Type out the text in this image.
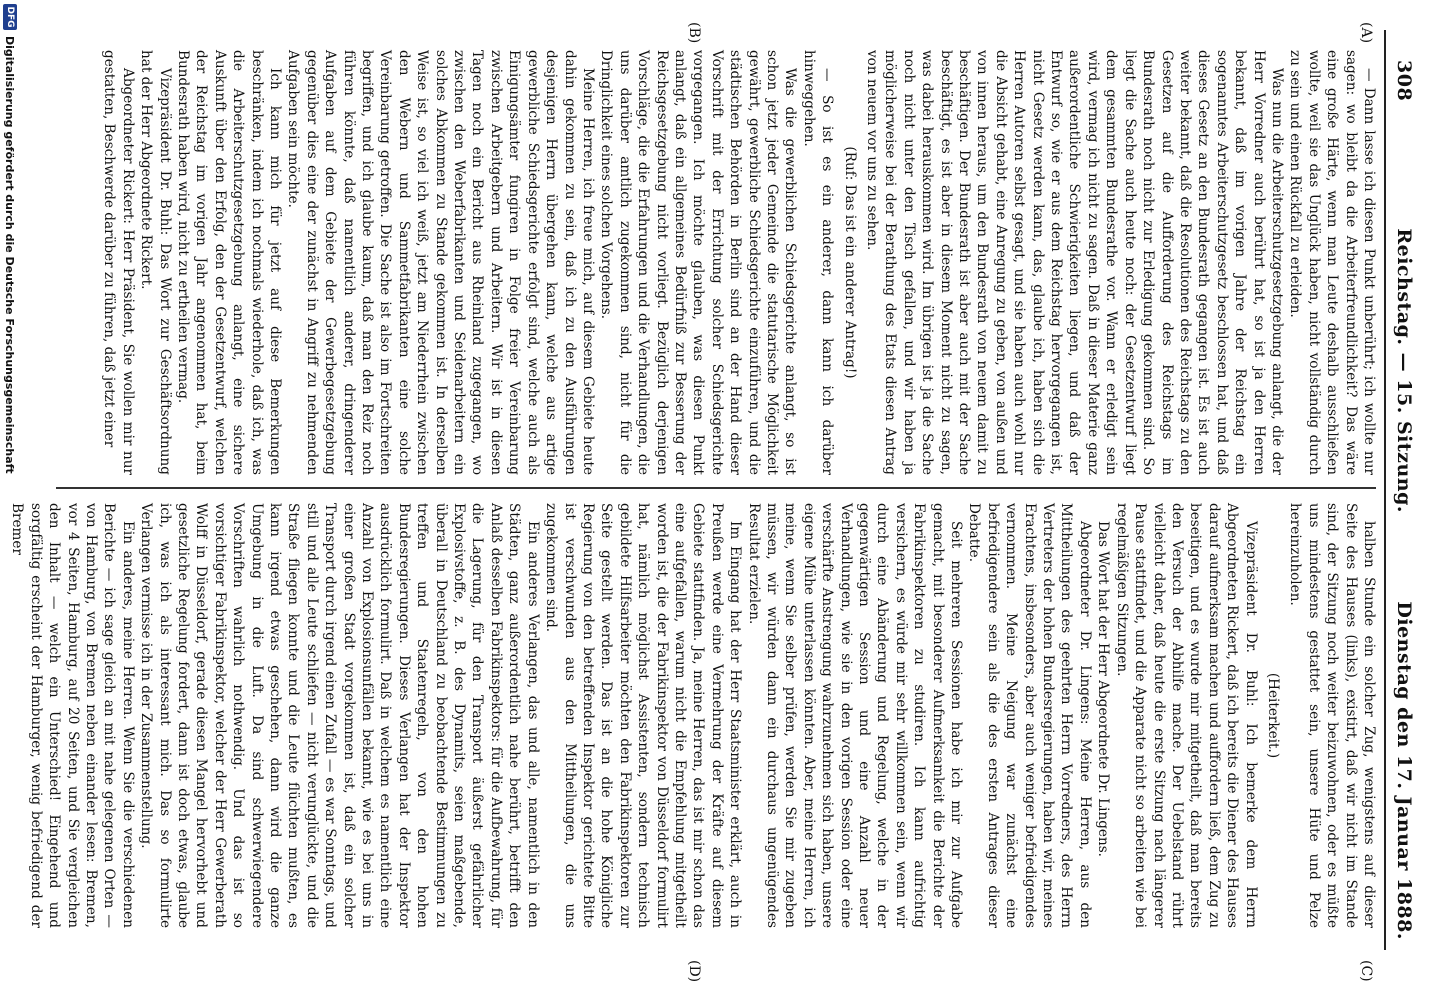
308
Reichstag. — 15. Sitzung.
Dienstag den 17. Januar 1888.
(A)
(B)
(C)
(D)

— Dann lasse ich diesen Punkt unberührt; ich wollte nur sagen: wo bleibt da die Arbeiterfreundlichkeit? Das wäre eine große Härte, wenn man Leute deshalb ausschließen wollte, weil sie das Unglück haben, nicht vollständig durch zu sein und einen Rückfall zu erleiden.

Was nun die Arbeiterschutzgesetzgebung anlangt, die der Herr Vorredner auch berührt hat, so ist ja den Herren bekannt, daß im vorigen Jahre der Reichstag ein sogenanntes Arbeiterschutzgesetz beschlossen hat, und daß dieses Gesetz an den Bundesrath gegangen ist. Es ist auch weiter bekannt, daß die Resolutionen des Reichstags zu den Gesetzen auf die Aufforderung des Reichstags im Bundesrath noch nicht zur Erledigung gekommen sind. So liegt die Sache auch heute noch: der Gesetzentwurf liegt dem gesammten Bundesrathe vor. Wann er erledigt sein wird, vermag ich nicht zu sagen. Daß in dieser Materie ganz außerordentliche Schwierigkeiten liegen, und daß der Entwurf so, wie er aus dem Reichstag hervorgegangen ist, nicht Gesetz werden kann, das, glaube ich, haben sich die Herren Autoren selbst gesagt, und sie haben auch wohl nur die Absicht gehabt, eine Anregung zu geben, von außen und von innen heraus, um den Bundesrath von neuem damit zu beschäftigen. Der Bundesrath ist aber auch mit der Sache beschäftigt, es ist aber in diesem Moment nicht zu sagen, was dabei herauskommen wird. Im übrigen ist ja die Sache noch nicht unter den Tisch gefallen, und wir haben ja möglicherweise bei der Berathung des Etats diesen Antrag von neuem vor uns zu sehen.

(Ruf: Das ist ein anderer Antrag!)

— So ist es ein anderer, dann kann ich darüber hinweggehen.

Was die gewerblichen Schiedsgerichte anlangt, so ist schon jetzt jeder Gemeinde die statutarische Möglichkeit gewährt, gewerbliche Schiedsgerichte einzuführen, und die städtischen Behörden in Berlin sind an der Hand dieser Vorschrift mit der Errichtung solcher Schiedsgerichte vorgegangen. Ich möchte glauben, was diesen Punkt anlangt, daß ein allgemeines Bedürfniß zur Besserung der Reichsgesetzgebung nicht vorliegt. Bezüglich derjenigen Vorschläge, die die Erfahrungen und die Verhandlungen, die uns darüber amtlich zugekommen sind, nicht für die Dringlichkeit eines solchen Vorgehens.

Meine Herren, ich freue mich, auf diesem Gebiete heute dahin gekommen zu sein, daß ich zu den Ausführungen desjenigen Herrn übergehen kann, welche aus artige gewerbliche Schiedsgerichte erfolgt sind, welche auch als Einigungsämter fungiren in Folge freier Vereinbarung zwischen Arbeitgebern und Arbeitern. Wir ist in diesen Tagen noch ein Bericht aus Rheinland zugegangen, wo zwischen den Weberfabrikanten und Seidenarbeitern ein solches Abkommen zu Stande gekommen ist. In derselben Weise ist, so viel ich weiß, jetzt am Niederrhein zwischen den Webern und Sammetfabrikanten eine solche Vereinbarung getroffen. Die Sache ist also im Fortschreiten begriffen, und ich glaube kaum, daß man den Reiz noch führen könnte, daß namentlich anderer, dringenderer Aufgaben auf dem Gebiete der Gewerbegesetzgebung gegenüber dies eine der zunächst in Angriff zu nehmenden Aufgaben sein möchte.

Ich kann mich für jetzt auf diese Bemerkungen beschränken, indem ich nochmals wiederhole, daß ich, was die Arbeiterschutzgesetzgebung anlangt, eine sichere Auskunft über den Erfolg, den der Gesetzentwurf, welchen der Reichstag im vorigen Jahr angenommen hat, beim Bundesrath haben wird, nicht zu ertheilen vermag.

Vizepräsident Dr. Buhl: Das Wort zur Geschäftsordnung hat der Herr Abgeordnete Rickert.

Abgeordneter Rickert: Herr Präsident, Sie wollen mir nur gestatten, Beschwerde darüber zu führen, daß jetzt einer

halben Stunde ein solcher Zug, wenigstens auf dieser Seite des Hauses (links), existirt, daß wir nicht im Stande sind, der Sitzung noch weiter beizuwohnen, oder es müßte uns mindestens gestattet sein, unsere Hüte und Pelze hereinzuholen.

(Heiterkeit.)

Vizepräsident Dr. Buhl: Ich bemerke dem Herrn Abgeordneten Rickert, daß ich bereits die Diener des Hauses darauf aufmerksam machen und auffordern ließ, dem Zug zu beseitigen, und es wurde mir mitgetheilt, daß man bereits den Versuch der Abhilfe mache. Der Uebelstand rührt vielleicht daher, daß heute die erste Sitzung nach längerer Pause stattfindet, und die Apparate nicht so arbeiten wie bei regelmäßigen Sitzungen.

Das Wort hat der Herr Abgeordnete Dr. Lingens.

Abgeordneter Dr. Lingens: Meine Herren, aus den Mittheilungen des geehrten Herrn Vorredners, des Herrn Vertreters der hohen Bundesregierungen, haben wir, meines Erachtens, insbesonders, aber auch weniger befriedigendes vernommen. Meine Neigung war zunächst eine befriedigendere sein als die des ersten Antrages dieser Debatte.

Seit mehreren Sessionen habe ich mir zur Aufgabe gemacht, mit besonderer Aufmerksamkeit die Berichte der Fabrikinspektoren zu studiren. Ich kann aufrichtig versichern, es würde mir sehr willkommen sein, wenn wir durch eine Abänderung und Regelung, welche in der gegenwärtigen Session und eine Anzahl neuer Verhandlungen, wie sie in den vorigen Session oder eine verschärfte Anstrengung wahrzunehmen sich haben, unsere eigene Mühe unterlassen könnten. Aber, meine Herren, ich meine, wenn Sie selber prüfen, werden Sie mir zugeben müssen, wir würden dann ein durchaus ungenügendes Resultat erzielen.

Im Eingang hat der Herr Staatsminister erklärt, auch in Preußen werde eine Vermehrung der Kräfte auf diesem Gebiete stattfinden. Ja, meine Herren, das ist mir schon das eine aufgefallen, warum nicht die Empfehlung mitgetheilt worden ist, die der Fabrikinspektor von Düsseldorf formulirt hat, nämlich möglichst Assistenten, sondern technisch gebildete Hilfsarbeiter möchten den Fabrikinspektoren zur Seite gestellt werden. Das ist an die hohe Königliche Regierung von den betreffenden Inspektor gerichtete Bitte ist verschwunden aus den Mittheilungen, die uns zugekommen sind.

Ein anderes Verlangen, das und alle, namentlich in den Städten, ganz außerordentlich nahe berührt, betrifft den Anlaß desselben Fabrikinspektors: für die Aufbewahrung, für die Lagerung, für den Transport äußerst gefährlicher Explosivstoffe, z. B. des Dynamits, seien maßgebende, überall in Deutschland zu beobachtende Bestimmungen zu treffen und Staatenregeln, von den hohen Bundesregierungen. Dieses Verlangen hat der Inspektor ausdrücklich formulirt. Daß in welchem es namentlich eine Anzahl von Explosionsunfällen bekannt, wie es bei uns in einer großen Stadt vorgekommen ist, daß ein solcher Transport durch irgend einen Zufall — es war Sonntags, und still und alle Leute schliefen — nicht verunglückte, und die Straße fliegen konnte und die Leute flüchten mußten, es kann irgend etwas geschehen, dann wird die ganze Umgebung in die Luft. Da sind schwerwiegendere Vorschriften wahrlich nothwendig. Und das ist so vorsichtiger Fabrikinspektor, welcher der Herr Gewerberath Wolff in Düsseldorf, gerade diesen Mangel hervorhebt und gesetzliche Regelung fordert, dann ist doch etwas, glaube ich, was ich als interessant mich. Das so formulirte Verlangen vermisse ich in der Zusammenstellung.

Ein anderes, meine Herren. Wenn Sie die verschiedenen Berichte — ich sage gleich an mit nahe gelegenen Orten — von Hamburg, von Bremen neben einander lesen: Bremen, vor 4 Seiten, Hamburg, auf 20 Seiten, und Sie vergleichen den Inhalt — welch ein Unterschied! Eingehend und sorgfältig erscheint der Hamburger, wenig befriedigend der Bremer

DFG
Digitalisierung gefördert durch die Deutsche Forschungsgemeinschaft
